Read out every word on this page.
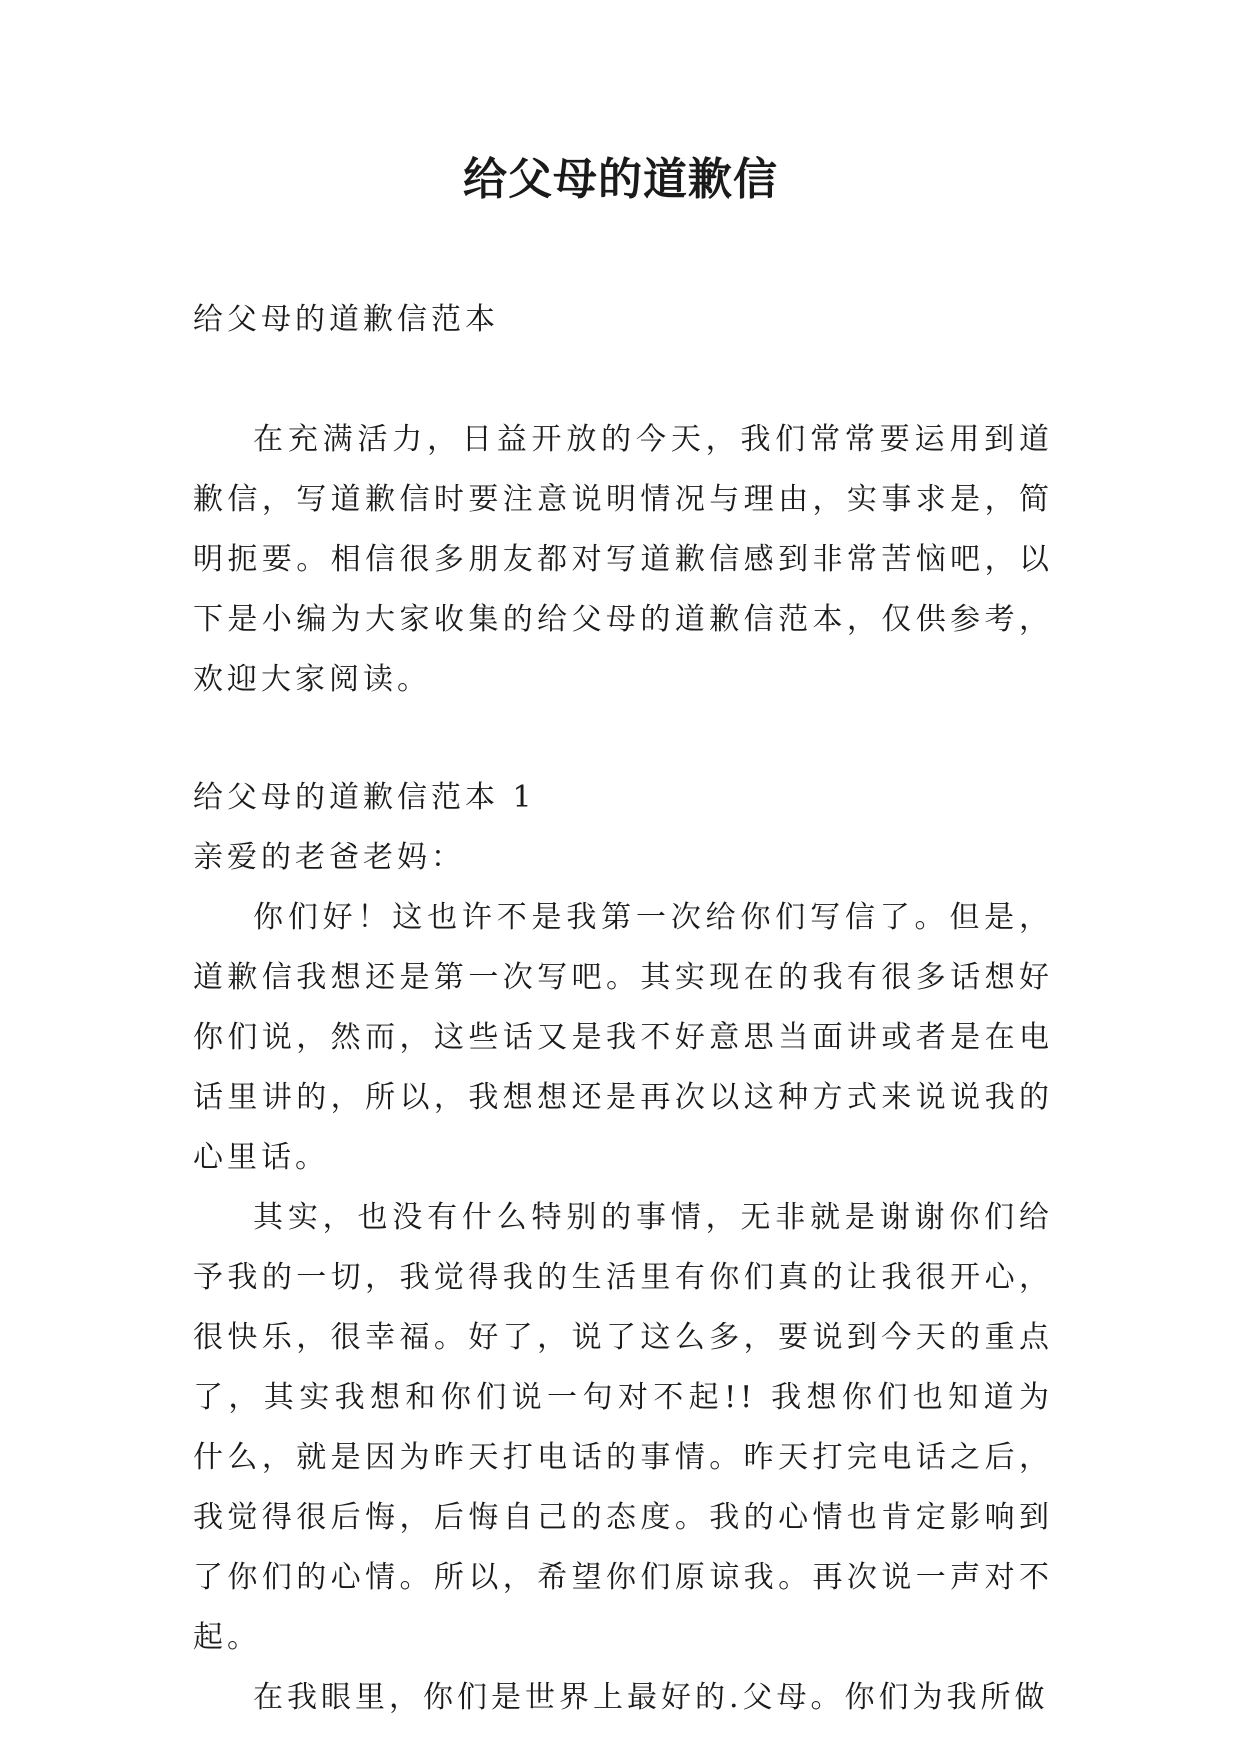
给父母的道歉信

给父母的道歉信范本

在充满活力，日益开放的今天，我们常常要运用到道歉信，写道歉信时要注意说明情况与理由，实事求是，简明扼要。相信很多朋友都对写道歉信感到非常苦恼吧，以下是小编为大家收集的给父母的道歉信范本，仅供参考，欢迎大家阅读。

给父母的道歉信范本 1

亲爱的老爸老妈：

你们好！这也许不是我第一次给你们写信了。但是，道歉信我想还是第一次写吧。其实现在的我有很多话想好你们说，然而，这些话又是我不好意思当面讲或者是在电话里讲的，所以，我想想还是再次以这种方式来说说我的心里话。

其实，也没有什么特别的事情，无非就是谢谢你们给予我的一切，我觉得我的生活里有你们真的让我很开心，很快乐，很幸福。好了，说了这么多，要说到今天的重点了，其实我想和你们说一句对不起!! 我想你们也知道为什么，就是因为昨天打电话的事情。昨天打完电话之后，我觉得很后悔，后悔自己的态度。我的心情也肯定影响到了你们的心情。所以，希望你们原谅我。再次说一声对不起。

在我眼里，你们是世界上最好的.父母。你们为我所做
